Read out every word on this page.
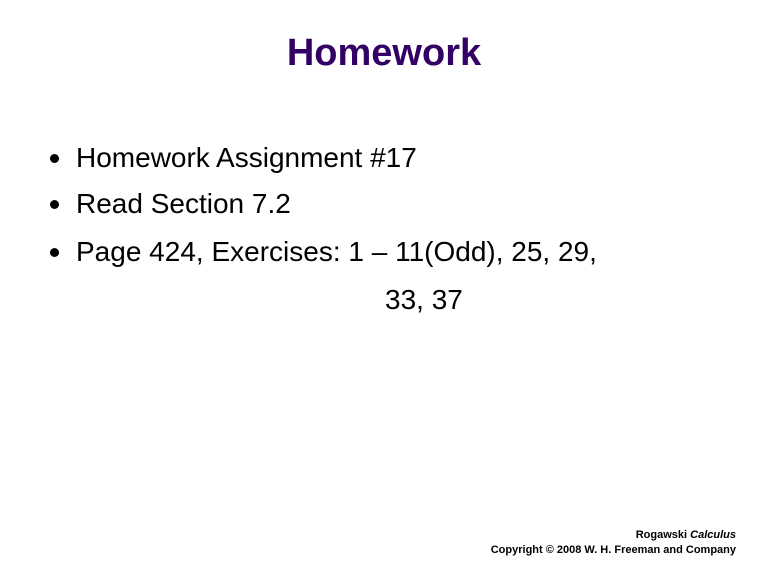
Homework
Homework Assignment #17
Read Section 7.2
Page 424, Exercises: 1 – 11(Odd), 25, 29,
33, 37
Rogawski Calculus
Copyright © 2008 W. H. Freeman and Company
